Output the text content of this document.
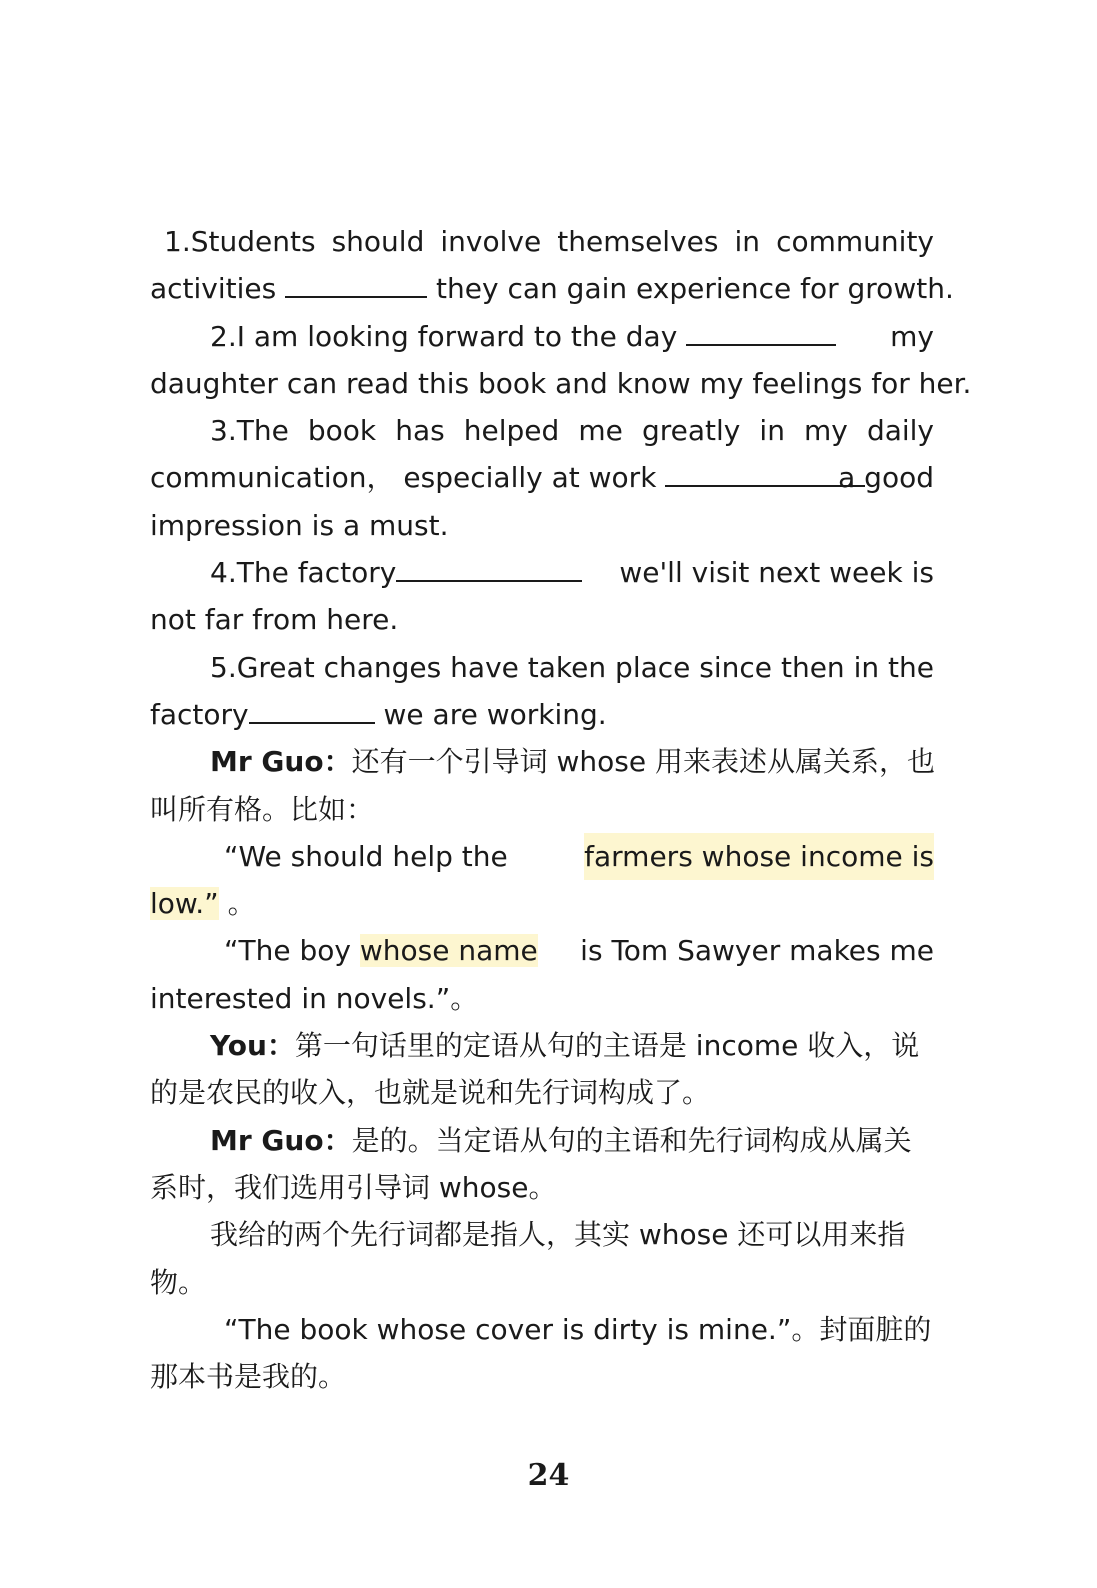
1.Students should involve themselves in community
activities	they can gain experience for growth.
2.I am looking forward to the day	my
daughter can read this book and know my feelings for her.
3.The book has helped me greatly in my daily
communication， especially at work	a good
impression is a must.
4.The factory	we'll visit next week is
not far from here.
5.Great changes have taken place since then in the
factory	we are working.
Mr Guo：还有一个引导词 whose 用来表述从属关系，也
叫所有格。比如：
“We should help the	farmers whose income is
low.” 。
“The boy whose name is Tom Sawyer makes me
interested in novels.”。
You：第一句话里的定语从句的主语是 income 收入，说
的是农民的收入，也就是说和先行词构成了。
Mr Guo：是的。当定语从句的主语和先行词构成从属关
系时，我们选用引导词 whose。
我给的两个先行词都是指人，其实 whose 还可以用来指
物。
“The book whose cover is dirty is mine.”。封面脏的
那本书是我的。
24
